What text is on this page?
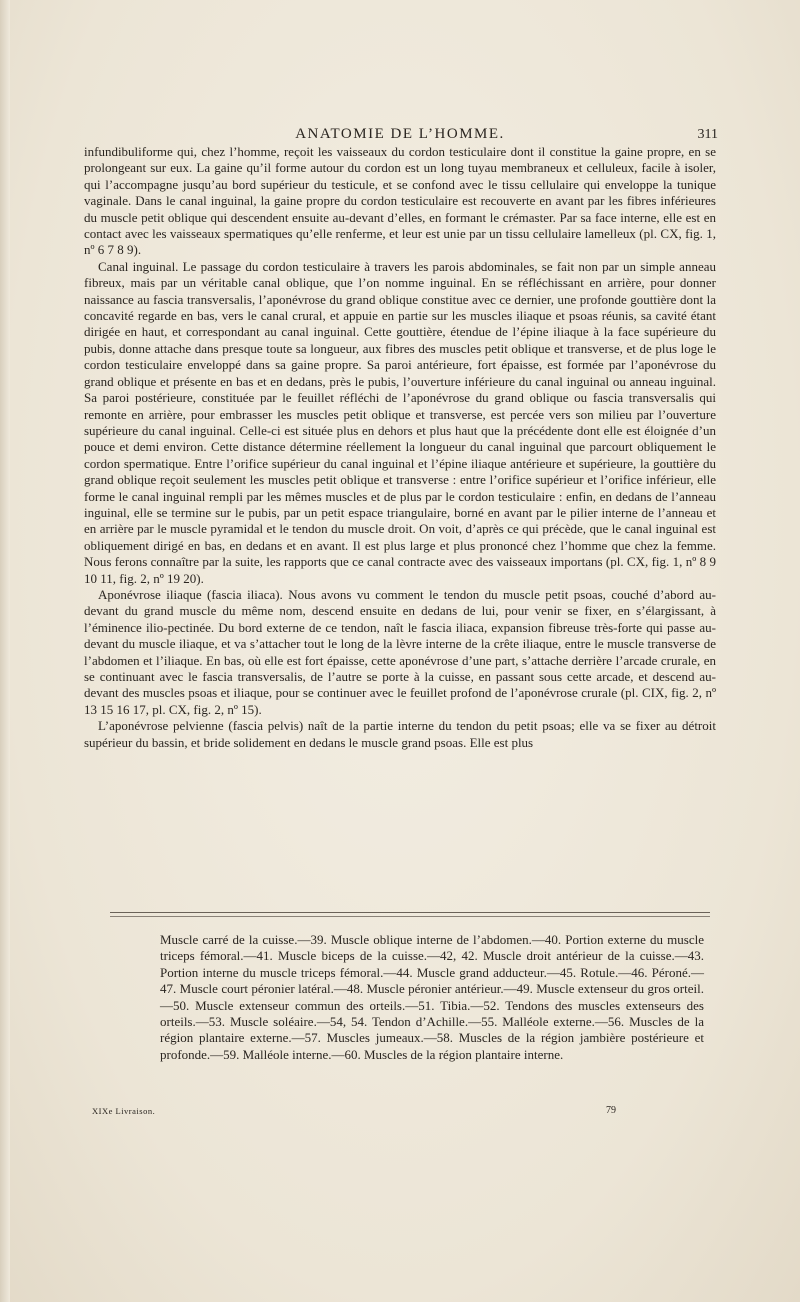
ANATOMIE DE L’HOMME.	311

infundibuliforme qui, chez l’homme, reçoit les vaisseaux du cordon testiculaire dont il constitue la gaine propre, en se prolongeant sur eux. La gaine qu’il forme autour du cordon est un long tuyau membraneux et celluleux, facile à isoler, qui l’accompagne jusqu’au bord supérieur du testicule, et se confond avec le tissu cellulaire qui enveloppe la tunique vaginale. Dans le canal inguinal, la gaine propre du cordon testiculaire est recouverte en avant par les fibres inférieures du muscle petit oblique qui descendent ensuite au-devant d’elles, en formant le crémaster. Par sa face interne, elle est en contact avec les vaisseaux spermatiques qu’elle renferme, et leur est unie par un tissu cellulaire lamelleux (pl. CX, fig. 1, nº 6 7 8 9).

Canal inguinal. Le passage du cordon testiculaire à travers les parois abdominales, se fait non par un simple anneau fibreux, mais par un véritable canal oblique, que l’on nomme inguinal. En se réfléchissant en arrière, pour donner naissance au fascia transversalis, l’aponévrose du grand oblique constitue avec ce dernier, une profonde gouttière dont la concavité regarde en bas, vers le canal crural, et appuie en partie sur les muscles iliaque et psoas réunis, sa cavité étant dirigée en haut, et correspondant au canal inguinal. Cette gouttière, étendue de l’épine iliaque à la face supérieure du pubis, donne attache dans presque toute sa longueur, aux fibres des muscles petit oblique et transverse, et de plus loge le cordon testiculaire enveloppé dans sa gaine propre. Sa paroi antérieure, fort épaisse, est formée par l’aponévrose du grand oblique et présente en bas et en dedans, près le pubis, l’ouverture inférieure du canal inguinal ou anneau inguinal. Sa paroi postérieure, constituée par le feuillet réfléchi de l’aponévrose du grand oblique ou fascia transversalis qui remonte en arrière, pour embrasser les muscles petit oblique et transverse, est percée vers son milieu par l’ouverture supérieure du canal inguinal. Celle-ci est située plus en dehors et plus haut que la précédente dont elle est éloignée d’un pouce et demi environ. Cette distance détermine réellement la longueur du canal inguinal que parcourt obliquement le cordon spermatique. Entre l’orifice supérieur du canal inguinal et l’épine iliaque antérieure et supérieure, la gouttière du grand oblique reçoit seulement les muscles petit oblique et transverse : entre l’orifice supérieur et l’orifice inférieur, elle forme le canal inguinal rempli par les mêmes muscles et de plus par le cordon testiculaire : enfin, en dedans de l’anneau inguinal, elle se termine sur le pubis, par un petit espace triangulaire, borné en avant par le pilier interne de l’anneau et en arrière par le muscle pyramidal et le tendon du muscle droit. On voit, d’après ce qui précède, que le canal inguinal est obliquement dirigé en bas, en dedans et en avant. Il est plus large et plus prononcé chez l’homme que chez la femme. Nous ferons connaître par la suite, les rapports que ce canal contracte avec des vaisseaux importans (pl. CX, fig. 1, nº 8 9 10 11, fig. 2, nº 19 20).

Aponévrose iliaque (fascia iliaca). Nous avons vu comment le tendon du muscle petit psoas, couché d’abord au-devant du grand muscle du même nom, descend ensuite en dedans de lui, pour venir se fixer, en s’élargissant, à l’éminence ilio-pectinée. Du bord externe de ce tendon, naît le fascia iliaca, expansion fibreuse très-forte qui passe au-devant du muscle iliaque, et va s’attacher tout le long de la lèvre interne de la crête iliaque, entre le muscle transverse de l’abdomen et l’iliaque. En bas, où elle est fort épaisse, cette aponévrose d’une part, s’attache derrière l’arcade crurale, en se continuant avec le fascia transversalis, de l’autre se porte à la cuisse, en passant sous cette arcade, et descend au-devant des muscles psoas et iliaque, pour se continuer avec le feuillet profond de l’aponévrose crurale (pl. CIX, fig. 2, nº 13 15 16 17, pl. CX, fig. 2, nº 15).

L’aponévrose pelvienne (fascia pelvis) naît de la partie interne du tendon du petit psoas; elle va se fixer au détroit supérieur du bassin, et bride solidement en dedans le muscle grand psoas. Elle est plus

Muscle carré de la cuisse.—39. Muscle oblique interne de l’abdomen.—40. Portion externe du muscle triceps fémoral.—41. Muscle biceps de la cuisse.—42, 42. Muscle droit antérieur de la cuisse.—43. Portion interne du muscle triceps fémoral.—44. Muscle grand adducteur.—45. Rotule.—46. Péroné.—47. Muscle court péronier latéral.—48. Muscle péronier antérieur.—49. Muscle extenseur du gros orteil.—50. Muscle extenseur commun des orteils.—51. Tibia.—52. Tendons des muscles extenseurs des orteils.—53. Muscle soléaire.—54, 54. Tendon d’Achille.—55. Malléole externe.—56. Muscles de la région plantaire externe.—57. Muscles jumeaux.—58. Muscles de la région jambière postérieure et profonde.—59. Malléole interne.—60. Muscles de la région plantaire interne.
XIXe Livraison.	79
